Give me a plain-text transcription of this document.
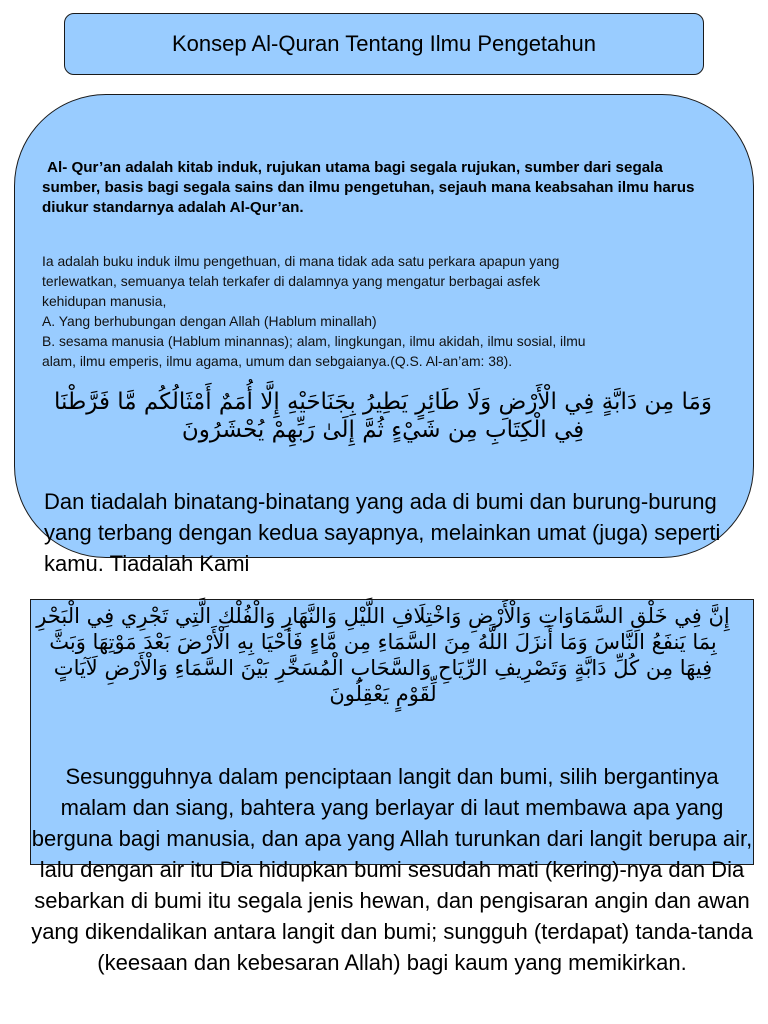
Konsep Al-Quran Tentang Ilmu Pengetahun
Al- Qur’an adalah kitab induk, rujukan utama bagi segala rujukan, sumber dari segala sumber, basis bagi segala sains dan ilmu pengetuhan, sejauh mana keabsahan ilmu harus diukur standarnya adalah Al-Qur’an.
Ia adalah buku induk ilmu pengethuan, di mana tidak ada satu perkara apapun yang
terlewatkan, semuanya telah terkafer di dalamnya yang mengatur berbagai asfek
kehidupan manusia,
A. Yang berhubungan dengan Allah (Hablum minallah)
B. sesama manusia (Hablum minannas); alam, lingkungan, ilmu akidah, ilmu sosial, ilmu
alam, ilmu emperis, ilmu agama, umum dan sebgaianya.(Q.S. Al-an’am: 38).
وَمَا مِن دَابَّةٍ فِي الْأَرْضِ وَلَا طَائِرٍ يَطِيرُ بِجَنَاحَيْهِ إِلَّا أُمَمٌ أَمْثَالُكُم مَّا فَرَّطْنَا فِي الْكِتَابِ مِن شَيْءٍ ثُمَّ إِلَىٰ رَبِّهِمْ يُحْشَرُونَ
Dan tiadalah binatang-binatang yang ada di bumi dan burung-burung yang terbang dengan kedua sayapnya, melainkan umat (juga) seperti kamu. Tiadalah Kami
إِنَّ فِي خَلْقِ السَّمَاوَاتِ وَالْأَرْضِ وَاخْتِلَافِ اللَّيْلِ وَالنَّهَارِ وَالْفُلْكِ الَّتِي تَجْرِي فِي الْبَحْرِ بِمَا يَنفَعُ النَّاسَ وَمَا أَنزَلَ اللَّهُ مِنَ السَّمَاءِ مِن مَّاءٍ فَأَحْيَا بِهِ الْأَرْضَ بَعْدَ مَوْتِهَا وَبَثَّ فِيهَا مِن كُلِّ دَابَّةٍ وَتَصْرِيفِ الرِّيَاحِ وَالسَّحَابِ الْمُسَخَّرِ بَيْنَ السَّمَاءِ وَالْأَرْضِ لَآيَاتٍ لِّقَوْمٍ يَعْقِلُونَ
Sesungguhnya dalam penciptaan langit dan bumi, silih bergantinya malam dan siang, bahtera yang berlayar di laut membawa apa yang berguna bagi manusia, dan apa yang Allah turunkan dari langit berupa air, lalu dengan air itu Dia hidupkan bumi sesudah mati (kering)-nya dan Dia sebarkan di bumi itu segala jenis hewan, dan pengisaran angin dan awan yang dikendalikan antara langit dan bumi; sungguh (terdapat) tanda-tanda (keesaan dan kebesaran Allah) bagi kaum yang memikirkan.
